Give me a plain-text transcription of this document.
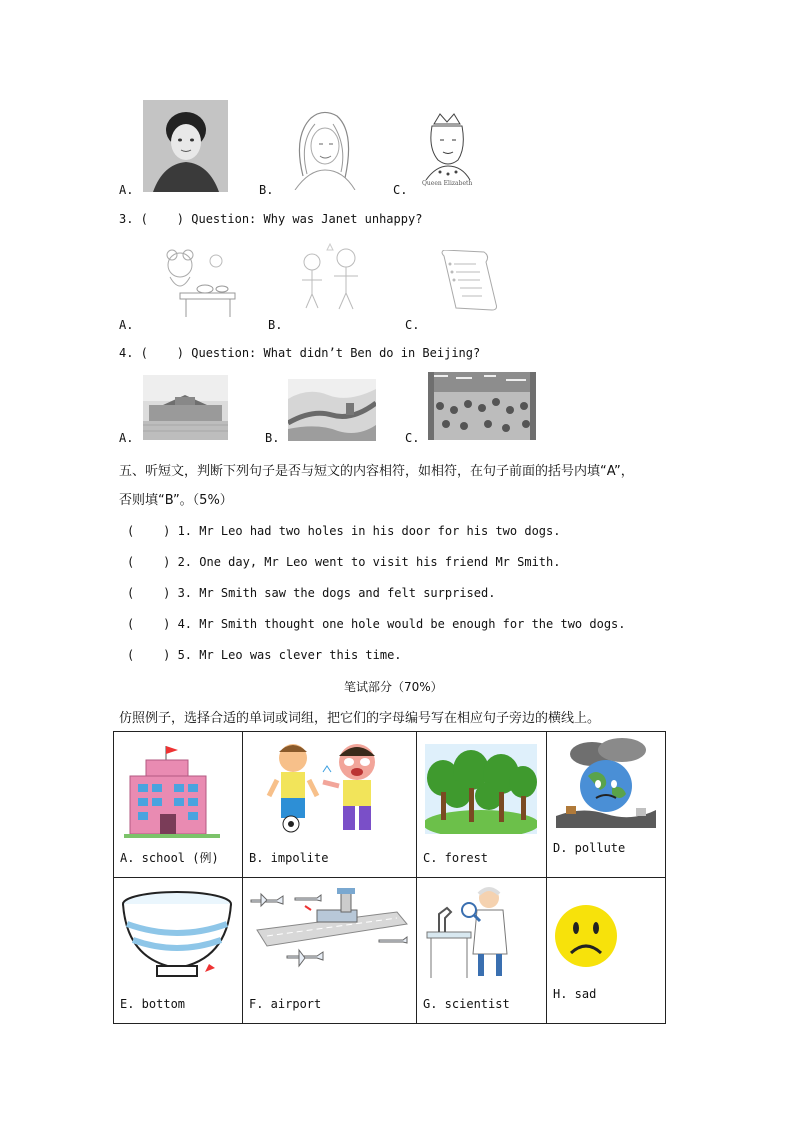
A.	B.	Queen Elizabeth
C.
3. (    ) Question: Why was Janet unhappy?
A.	B.	C.
4. (    ) Question: What didn’t Ben do in Beijing?
A.	B.	C.
五、听短文，判断下列句子是否与短文的内容相符，如相符，在句子前面的括号内填“A”，
否则填“B”。（5%）
(    ) 1. Mr Leo had two holes in his door for his two dogs.
(    ) 2. One day, Mr Leo went to visit his friend Mr Smith.
(    ) 3. Mr Smith saw the dogs and felt surprised.
(    ) 4. Mr Smith thought one hole would be enough for the two dogs.
(    ) 5. Mr Leo was clever this time.
笔试部分（70%）
仿照例子，选择合适的单词或词组，把它们的字母编号写在相应句子旁边的横线上。
A. school (例)	B. impolite	C. forest	D. pollute

E. bottom	F. airport	G. scientist	H. sad
